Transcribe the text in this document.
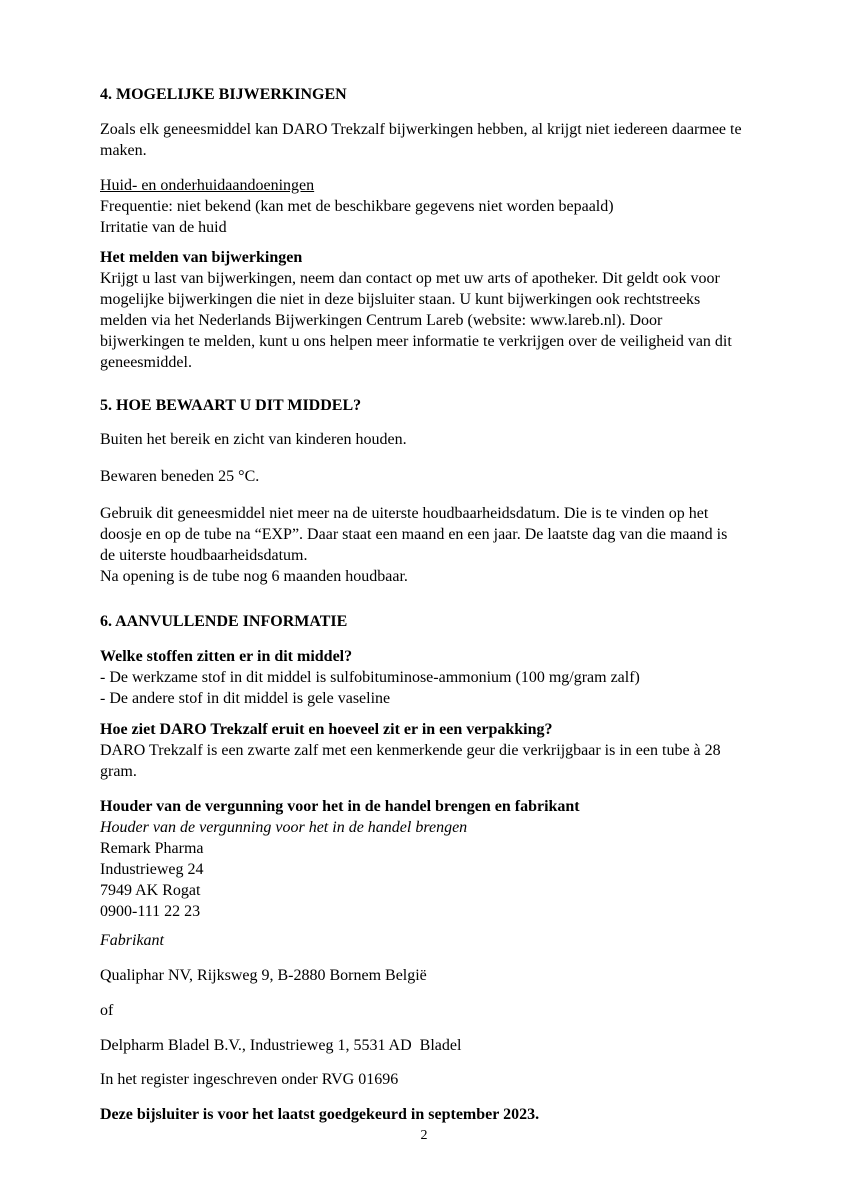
4. MOGELIJKE BIJWERKINGEN
Zoals elk geneesmiddel kan DARO Trekzalf bijwerkingen hebben, al krijgt niet iedereen daarmee te maken.
Huid- en onderhuidaandoeningen
Frequentie: niet bekend (kan met de beschikbare gegevens niet worden bepaald)
Irritatie van de huid
Het melden van bijwerkingen
Krijgt u last van bijwerkingen, neem dan contact op met uw arts of apotheker. Dit geldt ook voor mogelijke bijwerkingen die niet in deze bijsluiter staan. U kunt bijwerkingen ook rechtstreeks melden via het Nederlands Bijwerkingen Centrum Lareb (website: www.lareb.nl). Door bijwerkingen te melden, kunt u ons helpen meer informatie te verkrijgen over de veiligheid van dit geneesmiddel.
5. HOE BEWAART U DIT MIDDEL?
Buiten het bereik en zicht van kinderen houden.
Bewaren beneden 25 °C.
Gebruik dit geneesmiddel niet meer na de uiterste houdbaarheidsdatum. Die is te vinden op het doosje en op de tube na “EXP”. Daar staat een maand en een jaar. De laatste dag van die maand is de uiterste houdbaarheidsdatum.
Na opening is de tube nog 6 maanden houdbaar.
6. AANVULLENDE INFORMATIE
Welke stoffen zitten er in dit middel?
- De werkzame stof in dit middel is sulfobituminose-ammonium (100 mg/gram zalf)
- De andere stof in dit middel is gele vaseline
Hoe ziet DARO Trekzalf eruit en hoeveel zit er in een verpakking?
DARO Trekzalf is een zwarte zalf met een kenmerkende geur die verkrijgbaar is in een tube à 28 gram.
Houder van de vergunning voor het in de handel brengen en fabrikant
Houder van de vergunning voor het in de handel brengen
Remark Pharma
Industrieweg 24
7949 AK Rogat
0900-111 22 23
Fabrikant
Qualiphar NV, Rijksweg 9, B-2880 Bornem België
of
Delpharm Bladel B.V., Industrieweg 1, 5531 AD  Bladel
In het register ingeschreven onder RVG 01696
Deze bijsluiter is voor het laatst goedgekeurd in september 2023.
2
